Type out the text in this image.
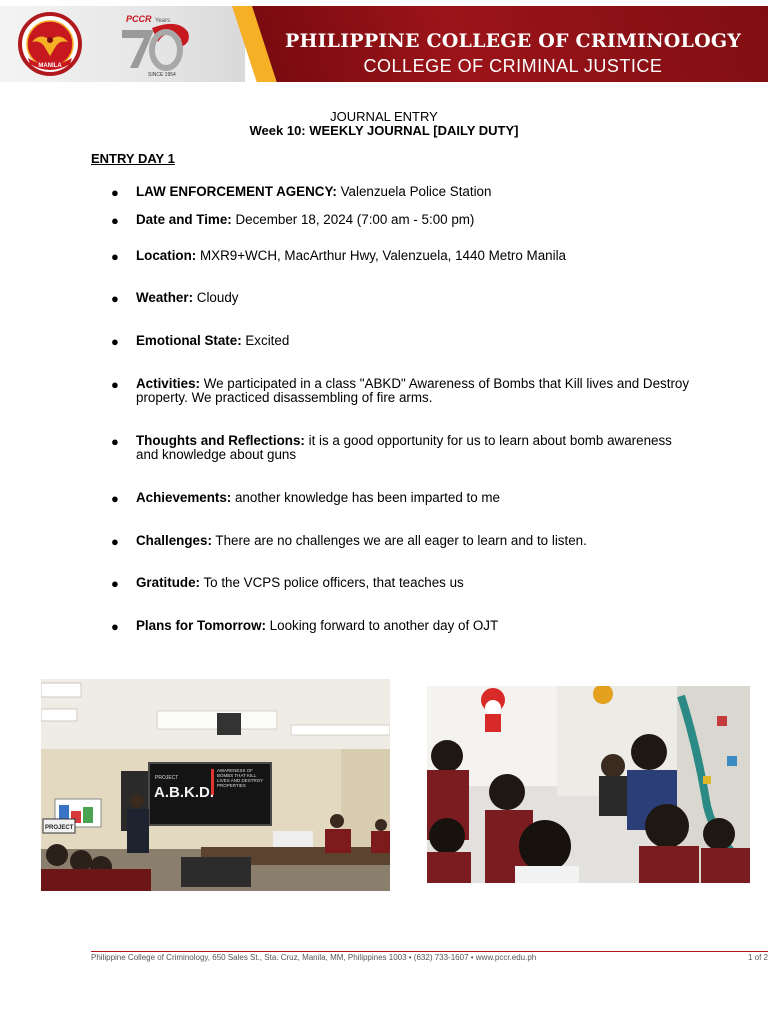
MANILA
PCCR Years
SINCE 1954
PHILIPPINE COLLEGE OF CRIMINOLOGY
COLLEGE OF CRIMINAL JUSTICE
JOURNAL ENTRY
Week 10: WEEKLY JOURNAL [DAILY DUTY]
ENTRY DAY 1
● LAW ENFORCEMENT AGENCY: Valenzuela Police Station
● Date and Time: December 18, 2024 (7:00 am - 5:00 pm)
● Location: MXR9+WCH, MacArthur Hwy, Valenzuela, 1440 Metro Manila
● Weather: Cloudy
● Emotional State: Excited
● Activities: We participated in a class "ABKD" Awareness of Bombs that Kill lives and Destroy property. We practiced disassembling of fire arms.
● Thoughts and Reflections: it is a good opportunity for us to learn about bomb awareness and knowledge about guns
● Achievements: another knowledge has been imparted to me
● Challenges: There are no challenges we are all eager to learn and to listen.
● Gratitude: To the VCPS police officers, that teaches us
● Plans for Tomorrow: Looking forward to another day of OJT
PROJECT
A.B.K.D.
AWARENESS OF BOMBS THAT KILL LIVES AND DESTROY PROPERTIES
PROJECT
Philippine College of Criminology, 650 Sales St., Sta. Cruz, Manila, MM, Philippines 1003 • (632) 733-1607 • www.pccr.edu.ph	1 of 2
